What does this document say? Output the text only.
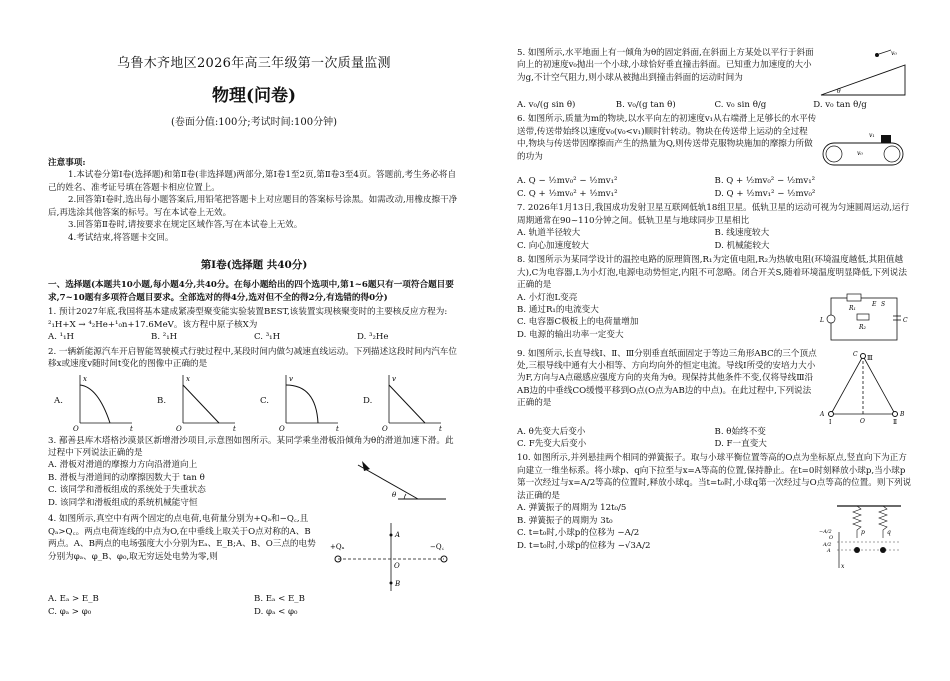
乌鲁木齐地区2026年高三年级第一次质量监测
物理(问卷)
(卷面分值:100分;考试时间:100分钟)
注意事项:
1.本试卷分第Ⅰ卷(选择题)和第Ⅱ卷(非选择题)两部分,第Ⅰ卷1至2页,第Ⅱ卷3至4页。答题前,考生务必将自己的姓名、准考证号填在答题卡相应位置上。
2.回答第Ⅰ卷时,选出每小题答案后,用铅笔把答题卡上对应题目的答案标号涂黑。如需改动,用橡皮擦干净后,再选涂其他答案的标号。写在本试卷上无效。
3.回答第Ⅱ卷时,请按要求在规定区域作答,写在本试卷上无效。
4.考试结束,将答题卡交回。
第Ⅰ卷(选择题 共40分)
一、选择题(本题共10小题,每小题4分,共40分。在每小题给出的四个选项中,第1~6题只有一项符合题目要求,7~10题有多项符合题目要求。全部选对的得4分,选对但不全的得2分,有选错的得0分)
1. 预计2027年底,我国将基本建成紧凑型聚变能实验装置BEST,该装置实现核聚变时的主要核反应方程为: ²₁H+X → ⁴₂He+¹₀n+17.6MeV。该方程中原子核X为
A. ¹₁H	B. ²₁H	C. ³₁H	D. ³₂He
2. 一辆新能源汽车开启智能驾驶模式行驶过程中,某段时间内做匀减速直线运动。下列描述这段时间内汽车位移x或速度v随时间t变化的图像中正确的是
A.
x
t
O
B.
x
t
O
C.
v
t
O
D.
v
t
O
3. 鄯善县库木塔格沙漠景区新增滑沙项目,示意图如图所示。某同学乘坐滑板沿倾角为θ的滑道加速下滑。此过程中下列说法正确的是
A. 滑板对滑道的摩擦力方向沿滑道向上
B. 滑板与滑道间的动摩擦因数大于 tan θ
C. 该同学和滑板组成的系统处于失重状态
D. 该同学和滑板组成的系统机械能守恒
θ
4. 如图所示,真空中有两个固定的点电荷,电荷量分别为+Qₐ和−Q꜀,且Qₐ>Q꜀。两点电荷连线的中点为O,在中垂线上取关于O点对称的A、B两点。A、B两点的电场强度大小分别为Eₐ、E_B;A、B、O三点的电势分别为φₐ、φ_B、φ₀,取无穷远处电势为零,则
+Qₐ	−Q꜀
A
O
B
A. Eₐ > E_B	B. Eₐ < E_B
C. φₐ > φ₀	D. φₐ < φ₀
5. 如图所示,水平地面上有一倾角为θ的固定斜面,在斜面上方某处以平行于斜面向上的初速度v₀抛出一个小球,小球恰好垂直撞击斜面。已知重力加速度的大小为g,不计空气阻力,则小球从被抛出到撞击斜面的运动时间为
v₀
θ
A. v₀/(g sin θ)	B. v₀/(g tan θ)	C. v₀ sin θ/g	D. v₀ tan θ/g
6. 如图所示,质量为m的物块,以水平向左的初速度v₁从右端滑上足够长的水平传送带,传送带始终以速度v₀(v₀<v₁)顺时针转动。物块在传送带上运动的全过程中,物块与传送带因摩擦而产生的热量为Q,则传送带克服物块施加的摩擦力所做的功为	v₀
v₁
A. Q − ½mv₀² − ½mv₁²	B. Q + ½mv₀² − ½mv₁²
C. Q + ½mv₀² + ½mv₁²	D. Q + ½mv₁² − ½mv₀²
7. 2026年1月13日,我国成功发射卫星互联网低轨18组卫星。低轨卫星的运动可视为匀速圆周运动,运行周期通常在90~110分钟之间。低轨卫星与地球同步卫星相比
A. 轨道半径较大	B. 线速度较大
C. 向心加速度较大	D. 机械能较大
8. 如图所示为某同学设计的温控电路的原理简图,R₁为定值电阻,R₂为热敏电阻(环境温度越低,其阻值越大),C为电容器,L为小灯泡,电源电动势恒定,内阻不可忽略。闭合开关S,随着环境温度明显降低,下列说法正确的是
A. 小灯泡L变亮
B. 通过R₁的电流变大
C. 电容器C极板上的电荷量增加
D. 电源的输出功率一定变大
E S
R₁
R₂
L	C
9. 如图所示,长直导线Ⅰ、Ⅱ、Ⅲ分别垂直纸面固定于等边三角形ABC的三个顶点处,三根导线中通有大小相等、方向均向外的恒定电流。导线Ⅰ所受的安培力大小为F,方向与A点磁感应强度方向的夹角为θ。现保持其他条件不变,仅将导线Ⅲ沿AB边的中垂线CO缓慢平移到O点(O点为AB边的中点)。在此过程中,下列说法正确的是
C
Ⅲ
A
O
B
Ⅰ	Ⅱ
A. θ先变大后变小	B. θ始终不变
C. F先变大后变小	D. F一直变大
10. 如图所示,并列悬挂两个相同的弹簧振子。取与小球平衡位置等高的O点为坐标原点,竖直向下为正方向建立一维坐标系。将小球p、q向下拉至与x=A等高的位置,保持静止。在t=0时刻释放小球p,当小球p第一次经过与x=A/2等高的位置时,释放小球q。当t=t₀时,小球q第一次经过与O点等高的位置。则下列说法正确的是
A. 弹簧振子的周期为 12t₀/5
B. 弹簧振子的周期为 3t₀
C. t=t₀时,小球p的位移为 −A/2
D. t=t₀时,小球p的位移为 −√3A/2
p	q
A
A/2
O
−A/2
x
